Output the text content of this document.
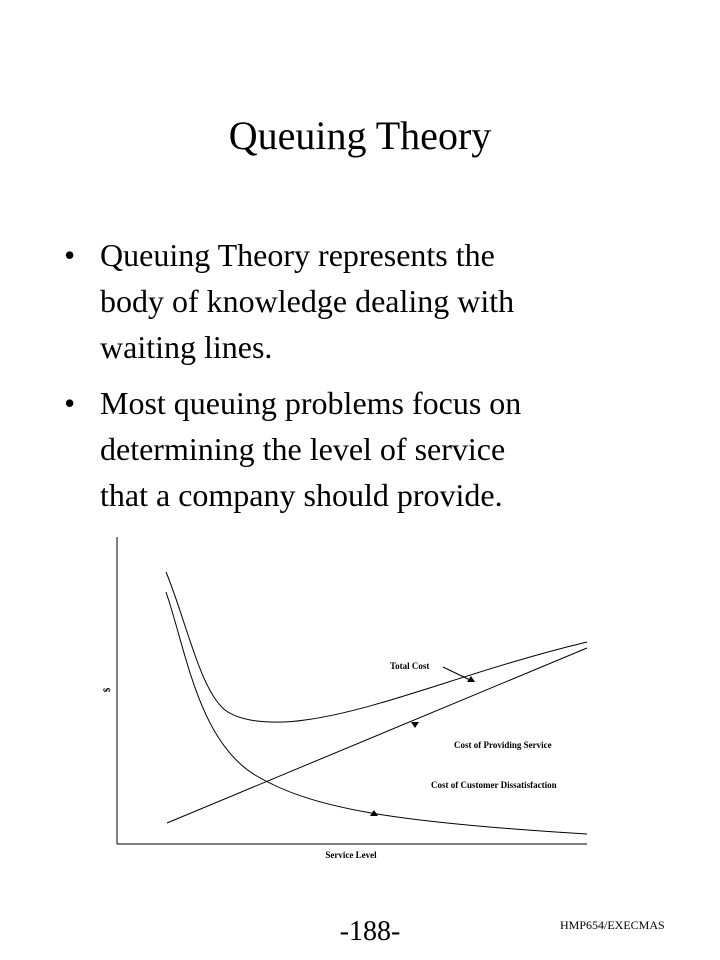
Queuing Theory
• Queuing Theory represents the
body of knowledge dealing with
waiting lines.
• Most queuing problems focus on
determining the level of service
that a company should provide.
$
Service Level
Total Cost
Cost of Providing Service
Cost of Customer Dissatisfaction
-188-	HMP654/EXECMAS
